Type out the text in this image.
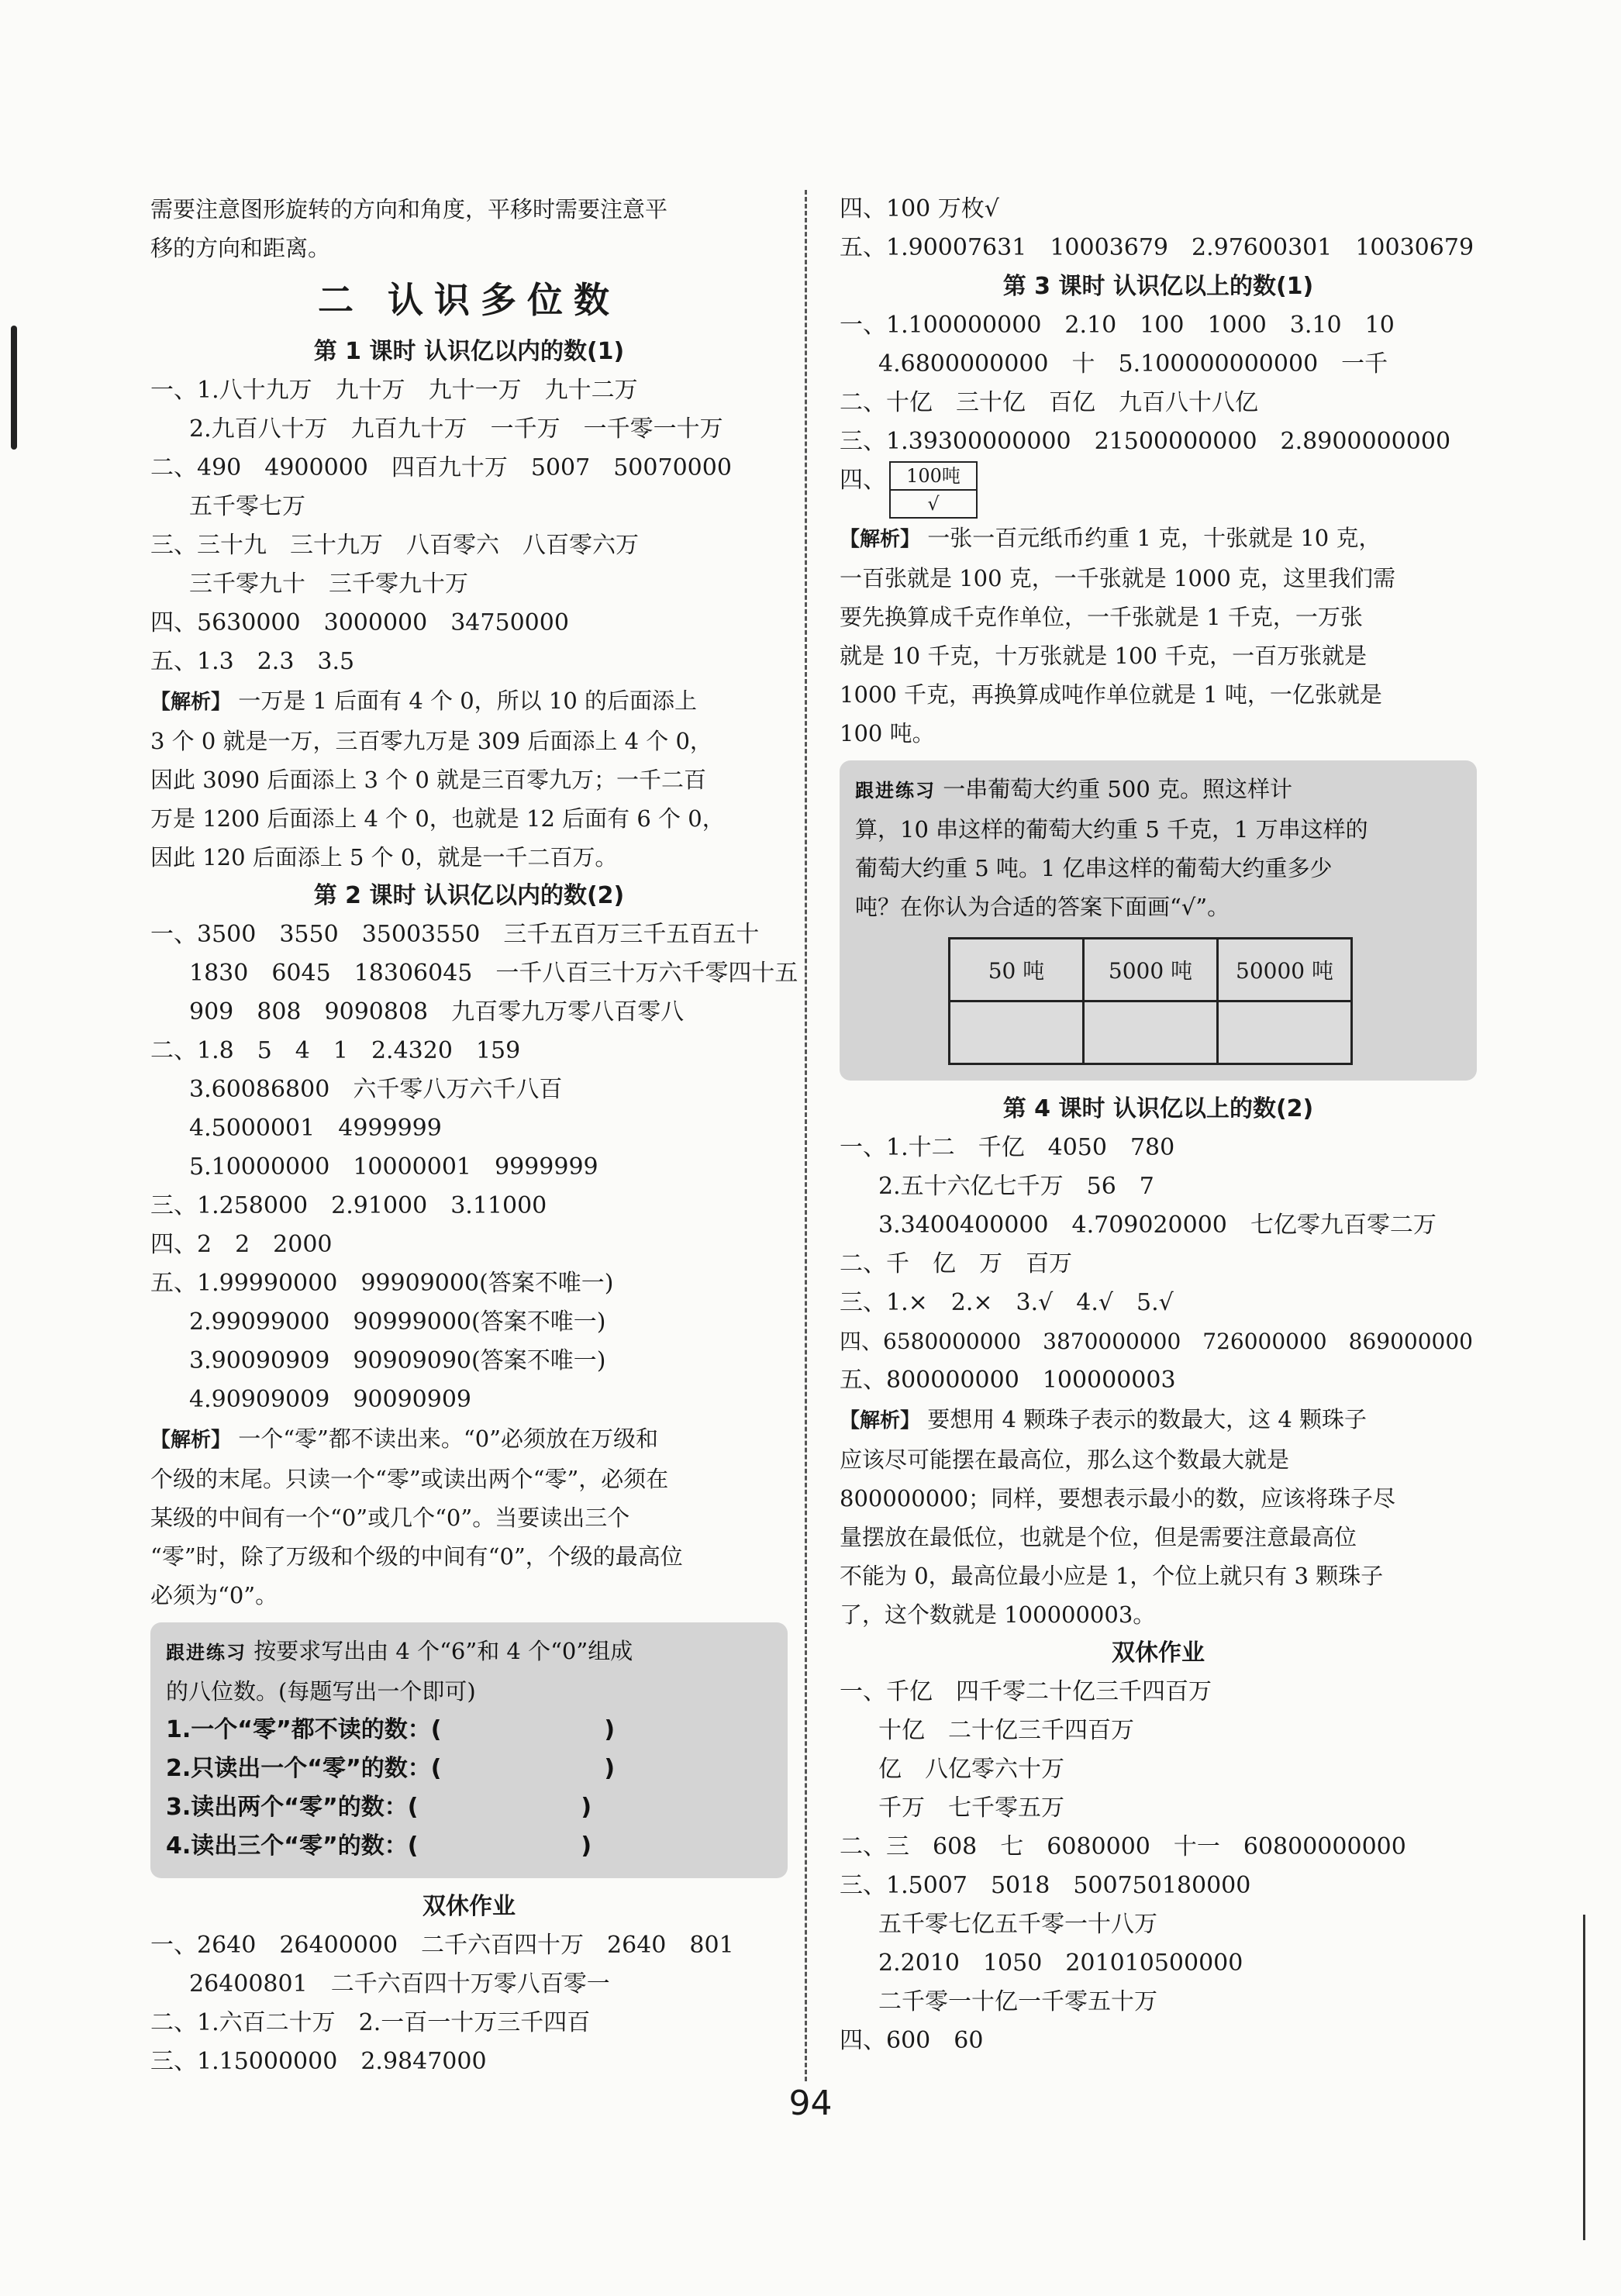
需要注意图形旋转的方向和角度，平移时需要注意平
移的方向和距离。
二 认识多位数
第 1 课时 认识亿以内的数(1)
一、1.八十九万　九十万　九十一万　九十二万
2.九百八十万　九百九十万　一千万　一千零一十万
二、490　4900000　四百九十万　5007　50070000
五千零七万
三、三十九　三十九万　八百零六　八百零六万
三千零九十　三千零九十万
四、5630000　3000000　34750000
五、1.3　2.3　3.5
【解析】 一万是 1 后面有 4 个 0，所以 10 的后面添上
3 个 0 就是一万，三百零九万是 309 后面添上 4 个 0，
因此 3090 后面添上 3 个 0 就是三百零九万；一千二百
万是 1200 后面添上 4 个 0，也就是 12 后面有 6 个 0，
因此 120 后面添上 5 个 0，就是一千二百万。
第 2 课时 认识亿以内的数(2)
一、3500　3550　35003550　三千五百万三千五百五十
1830　6045　18306045　一千八百三十万六千零四十五
909　808　9090808　九百零九万零八百零八
二、1.8　5　4　1　2.4320　159
3.60086800　六千零八万六千八百
4.5000001　4999999
5.10000000　10000001　9999999
三、1.258000　2.91000　3.11000
四、2　2　2000
五、1.99990000　99909000(答案不唯一)
2.99099000　90999000(答案不唯一)
3.90090909　90909090(答案不唯一)
4.90909009　90090909
【解析】 一个“零”都不读出来。“0”必须放在万级和
个级的末尾。只读一个“零”或读出两个“零”，必须在
某级的中间有一个“0”或几个“0”。当要读出三个
“零”时，除了万级和个级的中间有“0”，个级的最高位
必须为“0”。
跟进练习 按要求写出由 4 个“6”和 4 个“0”组成
的八位数。(每题写出一个即可)
1.一个“零”都不读的数：(　　　　　　　)
2.只读出一个“零”的数：(　　　　　　　)
3.读出两个“零”的数：(　　　　　　　)
4.读出三个“零”的数：(　　　　　　　)
双休作业
一、2640　26400000　二千六百四十万　2640　801
26400801　二千六百四十万零八百零一
二、1.六百二十万　2.一百一十万三千四百
三、1.15000000　2.9847000
四、100 万枚√
五、1.90007631　10003679　2.97600301　10030679
第 3 课时 认识亿以上的数(1)
一、1.100000000　2.10　100　1000　3.10　10
4.6800000000　十　5.100000000000　一千
二、十亿　三十亿　百亿　九百八十八亿
三、1.39300000000　21500000000　2.8900000000
四、	100吨
√
【解析】 一张一百元纸币约重 1 克，十张就是 10 克，
一百张就是 100 克，一千张就是 1000 克，这里我们需
要先换算成千克作单位，一千张就是 1 千克，一万张
就是 10 千克，十万张就是 100 千克，一百万张就是
1000 千克，再换算成吨作单位就是 1 吨，一亿张就是
100 吨。
跟进练习 一串葡萄大约重 500 克。照这样计
算，10 串这样的葡萄大约重 5 千克，1 万串这样的
葡萄大约重 5 吨。1 亿串这样的葡萄大约重多少
吨？在你认为合适的答案下面画“√”。
50 吨	5000 吨	50000 吨

第 4 课时 认识亿以上的数(2)
一、1.十二　千亿　4050　780
2.五十六亿七千万　56　7
3.3400400000　4.709020000　七亿零九百零二万
二、千　亿　万　百万
三、1.×　2.×　3.√　4.√　5.√
四、6580000000　3870000000　726000000　869000000
五、800000000　100000003
【解析】 要想用 4 颗珠子表示的数最大，这 4 颗珠子
应该尽可能摆在最高位，那么这个数最大就是
800000000；同样，要想表示最小的数，应该将珠子尽
量摆放在最低位，也就是个位，但是需要注意最高位
不能为 0，最高位最小应是 1，个位上就只有 3 颗珠子
了，这个数就是 100000003。
双休作业
一、千亿　四千零二十亿三千四百万
十亿　二十亿三千四百万
亿　八亿零六十万
千万　七千零五万
二、三　608　七　6080000　十一　60800000000
三、1.5007　5018　500750180000
五千零七亿五千零一十八万
2.2010　1050　201010500000
二千零一十亿一千零五十万
四、600　60
94
